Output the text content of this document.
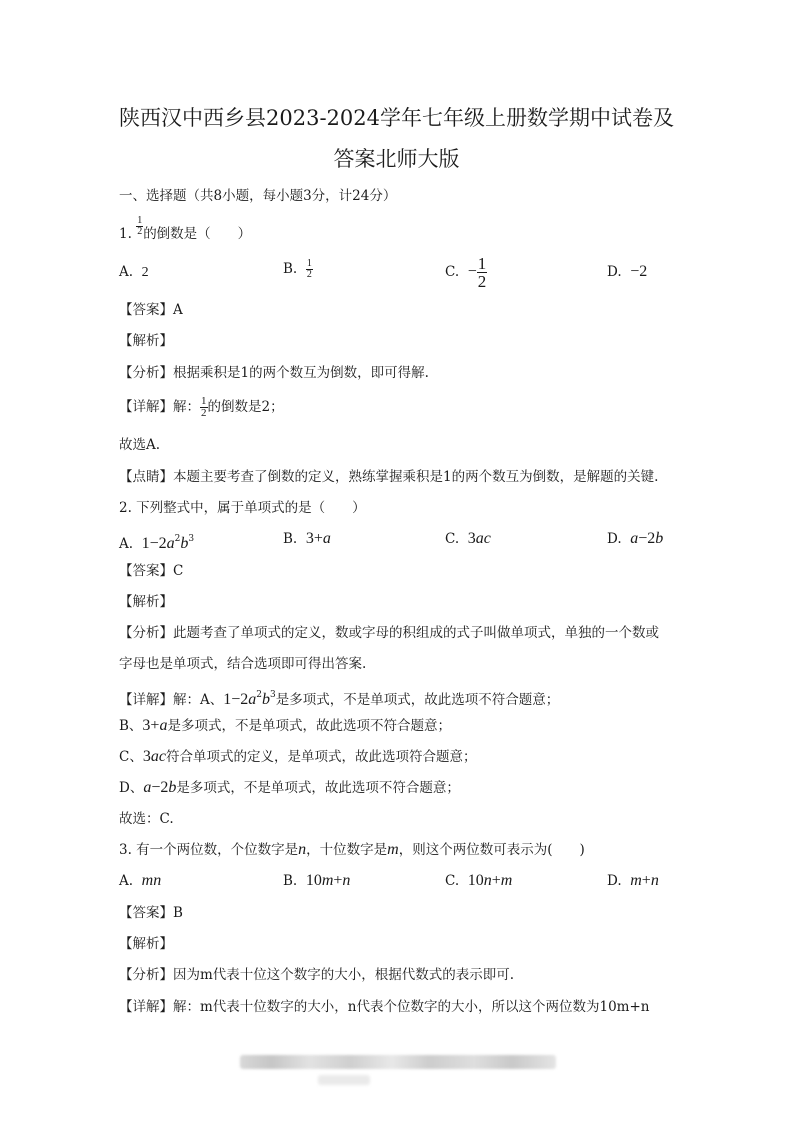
陕西汉中西乡县2023-2024学年七年级上册数学期中试卷及
答案北师大版
一、选择题（共8小题，每小题3分，计24分）
1. $\frac{1}{2}$ 的倒数是（　　）
A. 2	B. $\frac{1}{2}$	C. − $\frac{1}{2}$	D. −2
【答案】A
【解析】
【分析】根据乘积是1的两个数互为倒数，即可得解.
【详解】解： $\frac{1}{2}$ 的倒数是2；
故选A.
【点睛】本题主要考查了倒数的定义，熟练掌握乘积是1的两个数互为倒数，是解题的关键.
2. 下列整式中，属于单项式的是（　　）
A. $1-2a^2b^3$	B. 3+a	C. 3ac	D. a−2b
【答案】C
【解析】
【分析】此题考查了单项式的定义，数或字母的积组成的式子叫做单项式，单独的一个数或
字母也是单项式，结合选项即可得出答案.
【详解】解：A、$1-2a^2b^3$是多项式，不是单项式，故此选项不符合题意；
B、3+a是多项式，不是单项式，故此选项不符合题意；
C、3ac符合单项式的定义，是单项式，故此选项符合题意；
D、a−2b是多项式，不是单项式，故此选项不符合题意；
故选：C.
3. 有一个两位数，个位数字是n，十位数字是m，则这个两位数可表示为(　　)
A. mn	B. 10m+n	C. 10n+m	D. m+n
【答案】B
【解析】
【分析】因为m代表十位这个数字的大小，根据代数式的表示即可.
【详解】解：m代表十位数字的大小，n代表个位数字的大小，所以这个两位数为10m+n
